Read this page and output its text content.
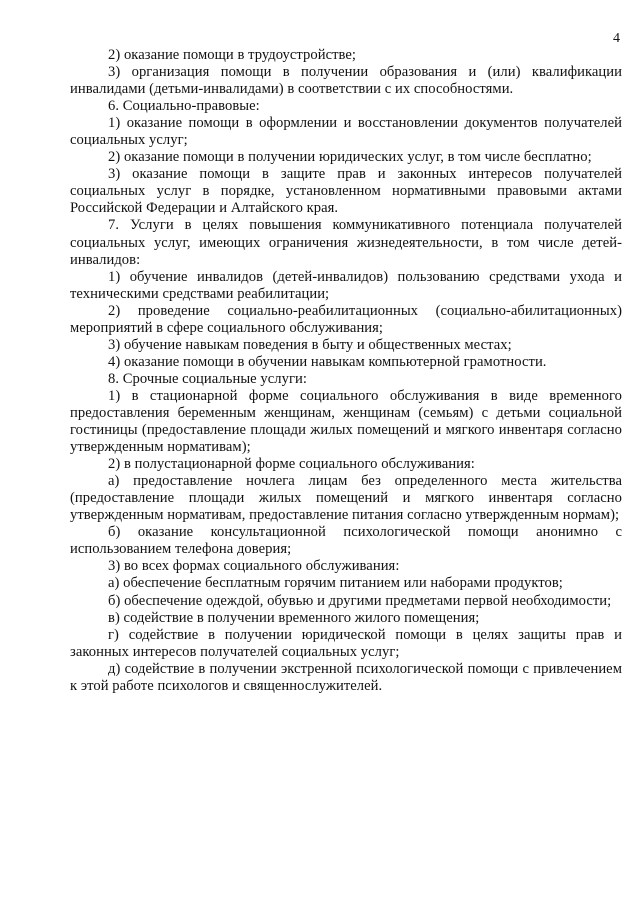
4

2) оказание помощи в трудоустройстве;

3) организация помощи в получении образования и (или) квалификации инвалидами (детьми-инвалидами) в соответствии с их способностями.

6. Социально-правовые:

1) оказание помощи в оформлении и восстановлении документов получателей социальных услуг;

2) оказание помощи в получении юридических услуг, в том числе бесплатно;

3) оказание помощи в защите прав и законных интересов получателей социальных услуг в порядке, установленном нормативными правовыми актами Российской Федерации и Алтайского края.

7. Услуги в целях повышения коммуникативного потенциала получателей социальных услуг, имеющих ограничения жизнедеятельности, в том числе детей-инвалидов:

1) обучение инвалидов (детей-инвалидов) пользованию средствами ухода и техническими средствами реабилитации;

2) проведение социально-реабилитационных (социально-абилитационных) мероприятий в сфере социального обслуживания;

3) обучение навыкам поведения в быту и общественных местах;

4) оказание помощи в обучении навыкам компьютерной грамотности.

8. Срочные социальные услуги:

1) в стационарной форме социального обслуживания в виде временного предоставления беременным женщинам, женщинам (семьям) с детьми социальной гостиницы (предоставление площади жилых помещений и мягкого инвентаря согласно утвержденным нормативам);

2) в полустационарной форме социального обслуживания:

а) предоставление ночлега лицам без определенного места жительства (предоставление площади жилых помещений и мягкого инвентаря согласно утвержденным нормативам, предоставление питания согласно утвержденным нормам);

б) оказание консультационной психологической помощи анонимно с использованием телефона доверия;

3) во всех формах социального обслуживания:

а) обеспечение бесплатным горячим питанием или наборами продуктов;

б) обеспечение одеждой, обувью и другими предметами первой необходимости;

в) содействие в получении временного жилого помещения;

г) содействие в получении юридической помощи в целях защиты прав и законных интересов получателей социальных услуг;

д) содействие в получении экстренной психологической помощи с привлечением к этой работе психологов и священнослужителей.
